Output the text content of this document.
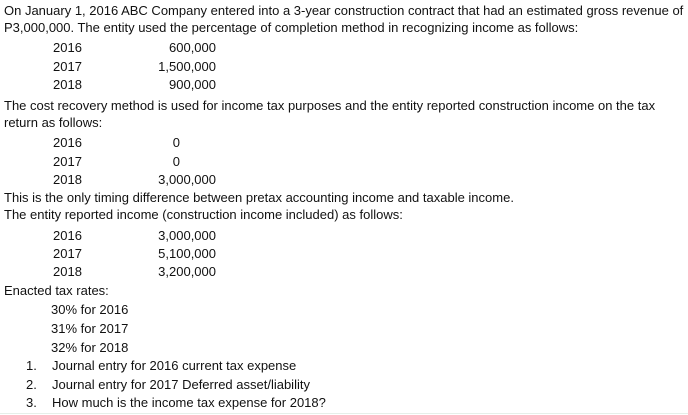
On January 1, 2016 ABC Company entered into a 3-year construction contract that had an estimated gross revenue of P3,000,000. The entity used the percentage of completion method in recognizing income as follows:
2016	600,000
2017	1,500,000
2018	900,000
The cost recovery method is used for income tax purposes and the entity reported construction income on the tax return as follows:
2016	0
2017	0
2018	3,000,000
This is the only timing difference between pretax accounting income and taxable income.
The entity reported income (construction income included) as follows:
2016	3,000,000
2017	5,100,000
2018	3,200,000
Enacted tax rates:
30% for 2016
31% for 2017
32% for 2018
1. Journal entry for 2016 current tax expense
2. Journal entry for 2017 Deferred asset/liability
3. How much is the income tax expense for 2018?
